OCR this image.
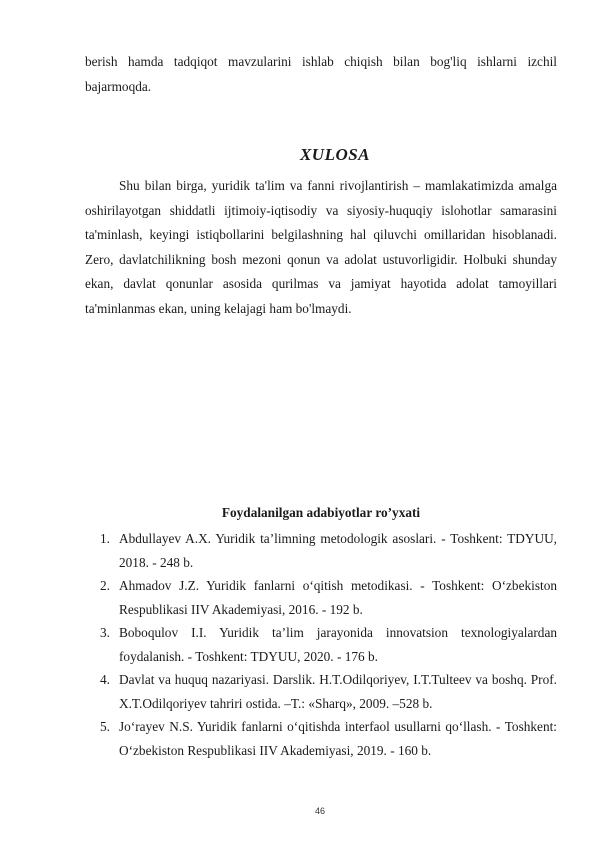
berish hamda tadqiqot mavzularini ishlab chiqish bilan bog'liq ishlarni izchil bajarmoqda.

XULOSA

Shu bilan birga, yuridik ta'lim va fanni rivojlantirish – mamlakatimizda amalga oshirilayotgan shiddatli ijtimoiy-iqtisodiy va siyosiy-huquqiy islohotlar samarasini ta'minlash, keyingi istiqbollarini belgilashning hal qiluvchi omillaridan hisoblanadi. Zero, davlatchilikning bosh mezoni qonun va adolat ustuvorligidir. Holbuki shunday ekan, davlat qonunlar asosida qurilmas va jamiyat hayotida adolat tamoyillari ta'minlanmas ekan, uning kelajagi ham bo'lmaydi.

Foydalanilgan adabiyotlar ro’yxati
1. Abdullayev A.X. Yuridik ta’limning metodologik asoslari. - Toshkent: TDYUU, 2018. - 248 b.
2. Ahmadov J.Z. Yuridik fanlarni o‘qitish metodikasi. - Toshkent: O‘zbekiston Respublikasi IIV Akademiyasi, 2016. - 192 b.
3. Boboqulov I.I. Yuridik ta’lim jarayonida innovatsion texnologiyalardan foydalanish. - Toshkent: TDYUU, 2020. - 176 b.
4. Davlat va huquq nazariyasi. Darslik. H.T.Odilqoriyev, I.T.Tulteev va boshq. Prof. X.T.Odilqoriyev tahriri ostida. –T.: «Sharq», 2009. –528 b.
5. Jo‘rayev N.S. Yuridik fanlarni o‘qitishda interfaol usullarni qo‘llash. - Toshkent: O‘zbekiston Respublikasi IIV Akademiyasi, 2019. - 160 b.
46
